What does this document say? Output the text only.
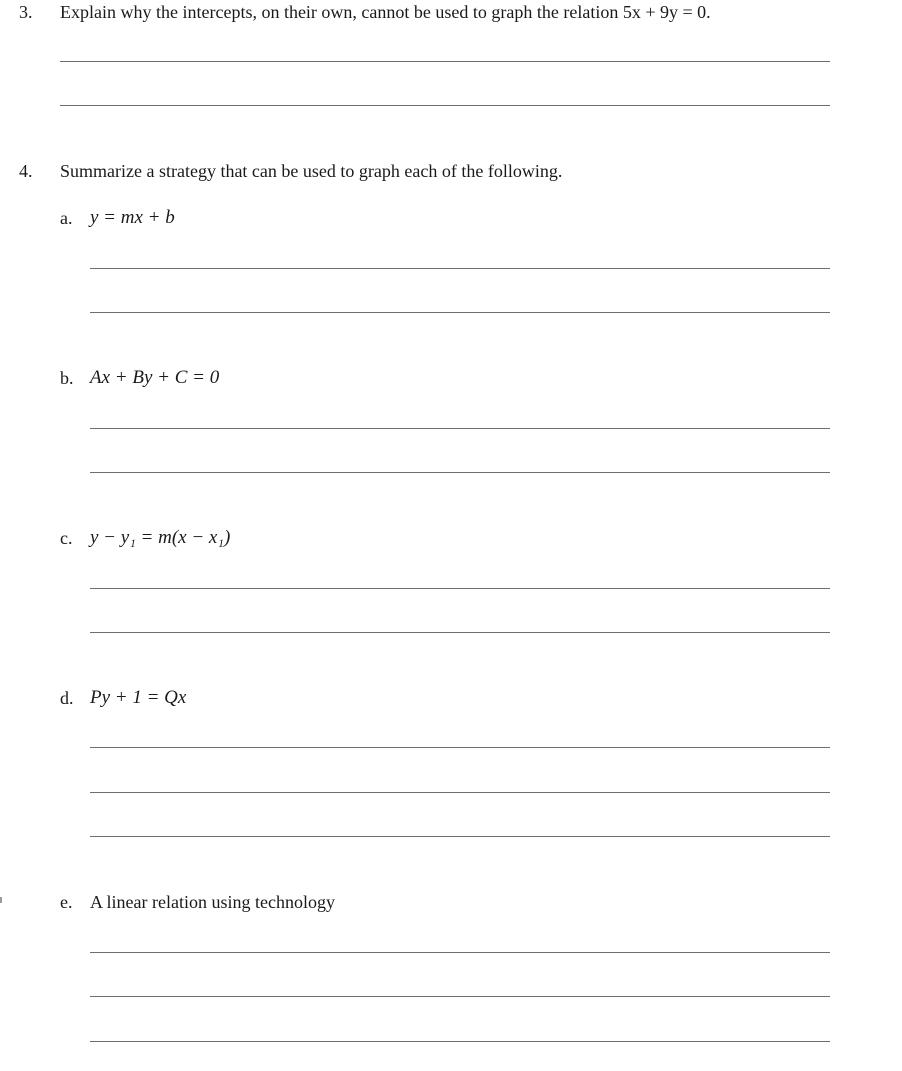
3. Explain why the intercepts, on their own, cannot be used to graph the relation 5x + 9y = 0.
4. Summarize a strategy that can be used to graph each of the following.
a. y = mx + b
b. Ax + By + C = 0
c. y − y₁ = m(x − x₁)
d. Py + 1 = Qx
e. A linear relation using technology
